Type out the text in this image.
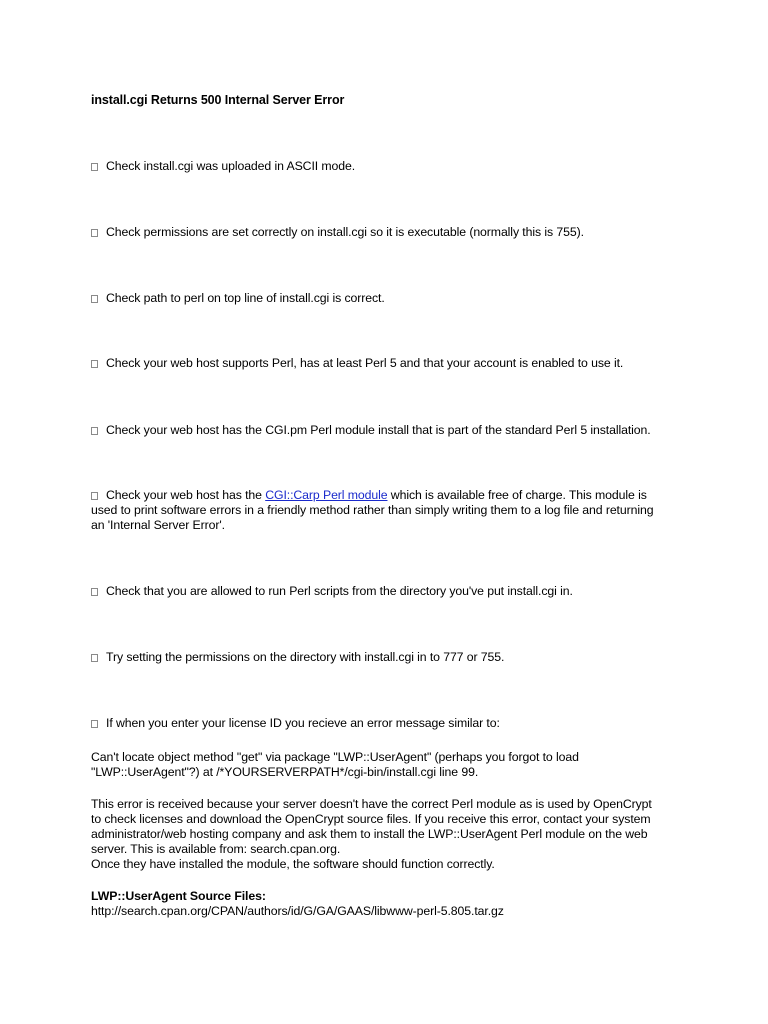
install.cgi Returns 500 Internal Server Error
Check install.cgi was uploaded in ASCII mode.
Check permissions are set correctly on install.cgi so it is executable (normally this is 755).
Check path to perl on top line of install.cgi is correct.
Check your web host supports Perl, has at least Perl 5 and that your account is enabled to use it.
Check your web host has the CGI.pm Perl module install that is part of the standard Perl 5 installation.
Check your web host has the CGI::Carp Perl module which is available free of charge. This module is
used to print software errors in a friendly method rather than simply writing them to a log file and returning
an 'Internal Server Error'.
Check that you are allowed to run Perl scripts from the directory you've put install.cgi in.
Try setting the permissions on the directory with install.cgi in to 777 or 755.
If when you enter your license ID you recieve an error message similar to:
Can't locate object method "get" via package "LWP::UserAgent" (perhaps you forgot to load
"LWP::UserAgent"?) at /*YOURSERVERPATH*/cgi-bin/install.cgi line 99.
This error is received because your server doesn't have the correct Perl module as is used by OpenCrypt
to check licenses and download the OpenCrypt source files. If you receive this error, contact your system
administrator/web hosting company and ask them to install the LWP::UserAgent Perl module on the web
server. This is available from: search.cpan.org.
Once they have installed the module, the software should function correctly.
LWP::UserAgent Source Files:
http://search.cpan.org/CPAN/authors/id/G/GA/GAAS/libwww-perl-5.805.tar.gz
